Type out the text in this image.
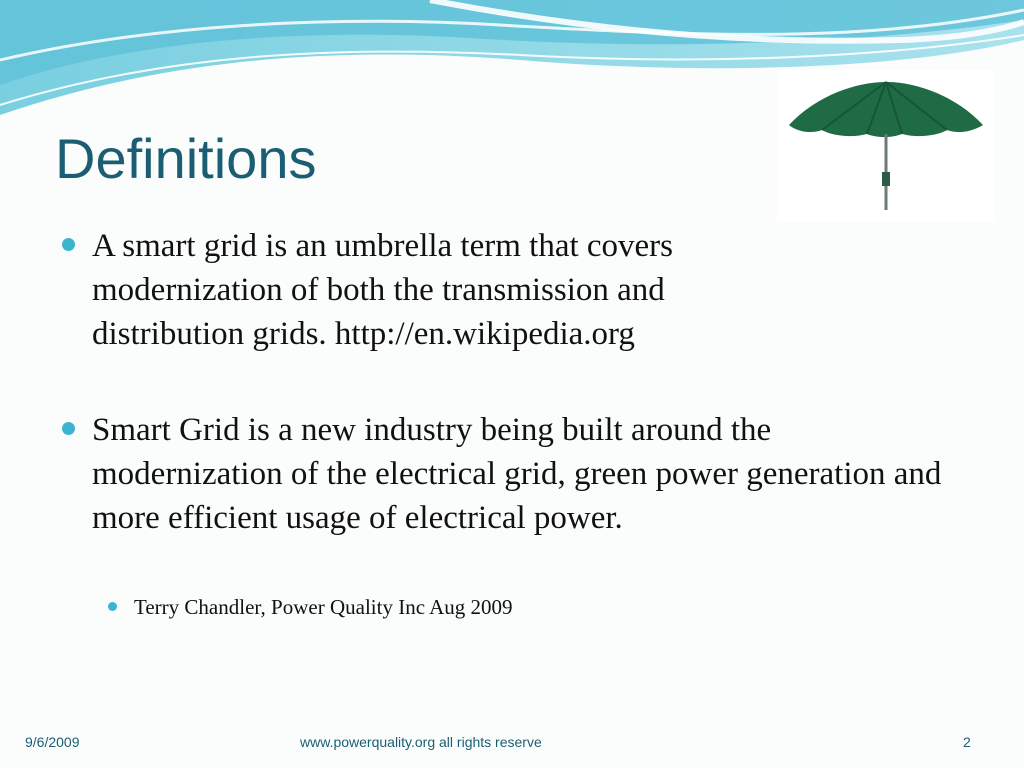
Definitions
A smart grid is an umbrella term that covers modernization of both the transmission and distribution grids. http://en.wikipedia.org
Smart Grid is a new industry being built around the modernization of the electrical grid, green power generation and more efficient usage of electrical power.
Terry Chandler, Power Quality Inc Aug 2009
9/6/2009	www.powerquality.org all rights reserve	2
